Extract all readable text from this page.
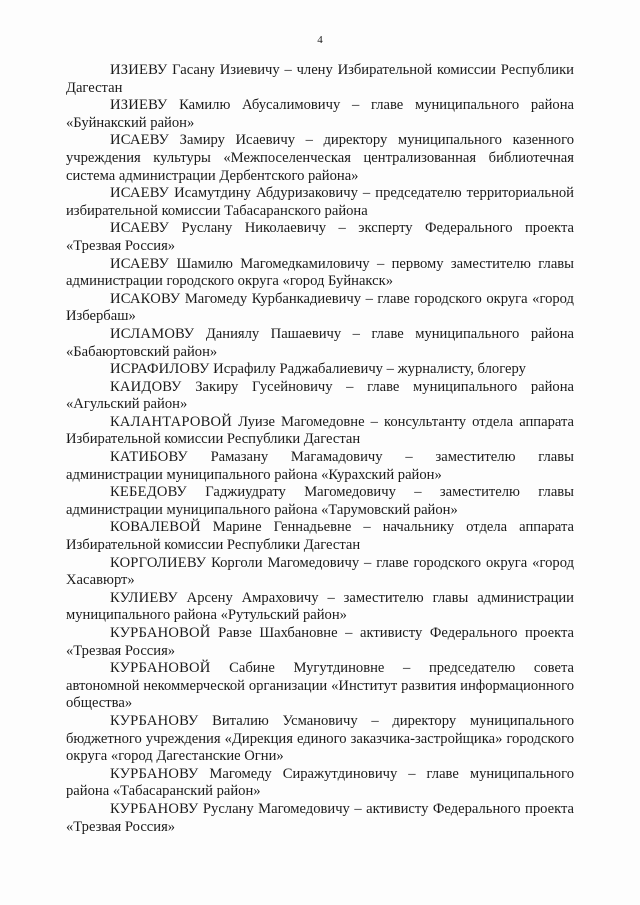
4

ИЗИЕВУ Гасану Изиевичу – члену Избирательной комиссии Республики Дагестан

ИЗИЕВУ Камилю Абусалимовичу – главе муниципального района «Буйнакский район»

ИСАЕВУ Замиру Исаевичу – директору муниципального казенного учреждения культуры «Межпоселенческая централизованная библиотечная система администрации Дербентского района»

ИСАЕВУ Исамутдину Абдуризаковичу – председателю территориальной избирательной комиссии Табасаранского района

ИСАЕВУ Руслану Николаевичу – эксперту Федерального проекта «Трезвая Россия»

ИСАЕВУ Шамилю Магомедкамиловичу – первому заместителю главы администрации городского округа «город Буйнакск»

ИСАКОВУ Магомеду Курбанкадиевичу – главе городского округа «город Избербаш»

ИСЛАМОВУ Даниялу Пашаевичу – главе муниципального района «Бабаюртовский район»

ИСРАФИЛОВУ Исрафилу Раджабалиевичу – журналисту, блогеру

КАИДОВУ Закиру Гусейновичу – главе муниципального района «Агульский район»

КАЛАНТАРОВОЙ Луизе Магомедовне – консультанту отдела аппарата Избирательной комиссии Республики Дагестан

КАТИБОВУ Рамазану Магамадовичу – заместителю главы администрации муниципального района «Курахский район»

КЕБЕДОВУ Гаджиудрату Магомедовичу – заместителю главы администрации муниципального района «Тарумовский район»

КОВАЛЕВОЙ Марине Геннадьевне – начальнику отдела аппарата Избирательной комиссии Республики Дагестан

КОРГОЛИЕВУ Корголи Магомедовичу – главе городского округа «город Хасавюрт»

КУЛИЕВУ Арсену Амраховичу – заместителю главы администрации муниципального района «Рутульский район»

КУРБАНОВОЙ Равзе Шахбановне – активисту Федерального проекта «Трезвая Россия»

КУРБАНОВОЙ Сабине Мугутдиновне – председателю совета автономной некоммерческой организации «Институт развития информационного общества»

КУРБАНОВУ Виталию Усмановичу – директору муниципального бюджетного учреждения «Дирекция единого заказчика-застройщика» городского округа «город Дагестанские Огни»

КУРБАНОВУ Магомеду Сиражутдиновичу – главе муниципального района «Табасаранский район»

КУРБАНОВУ Руслану Магомедовичу – активисту Федерального проекта «Трезвая Россия»
